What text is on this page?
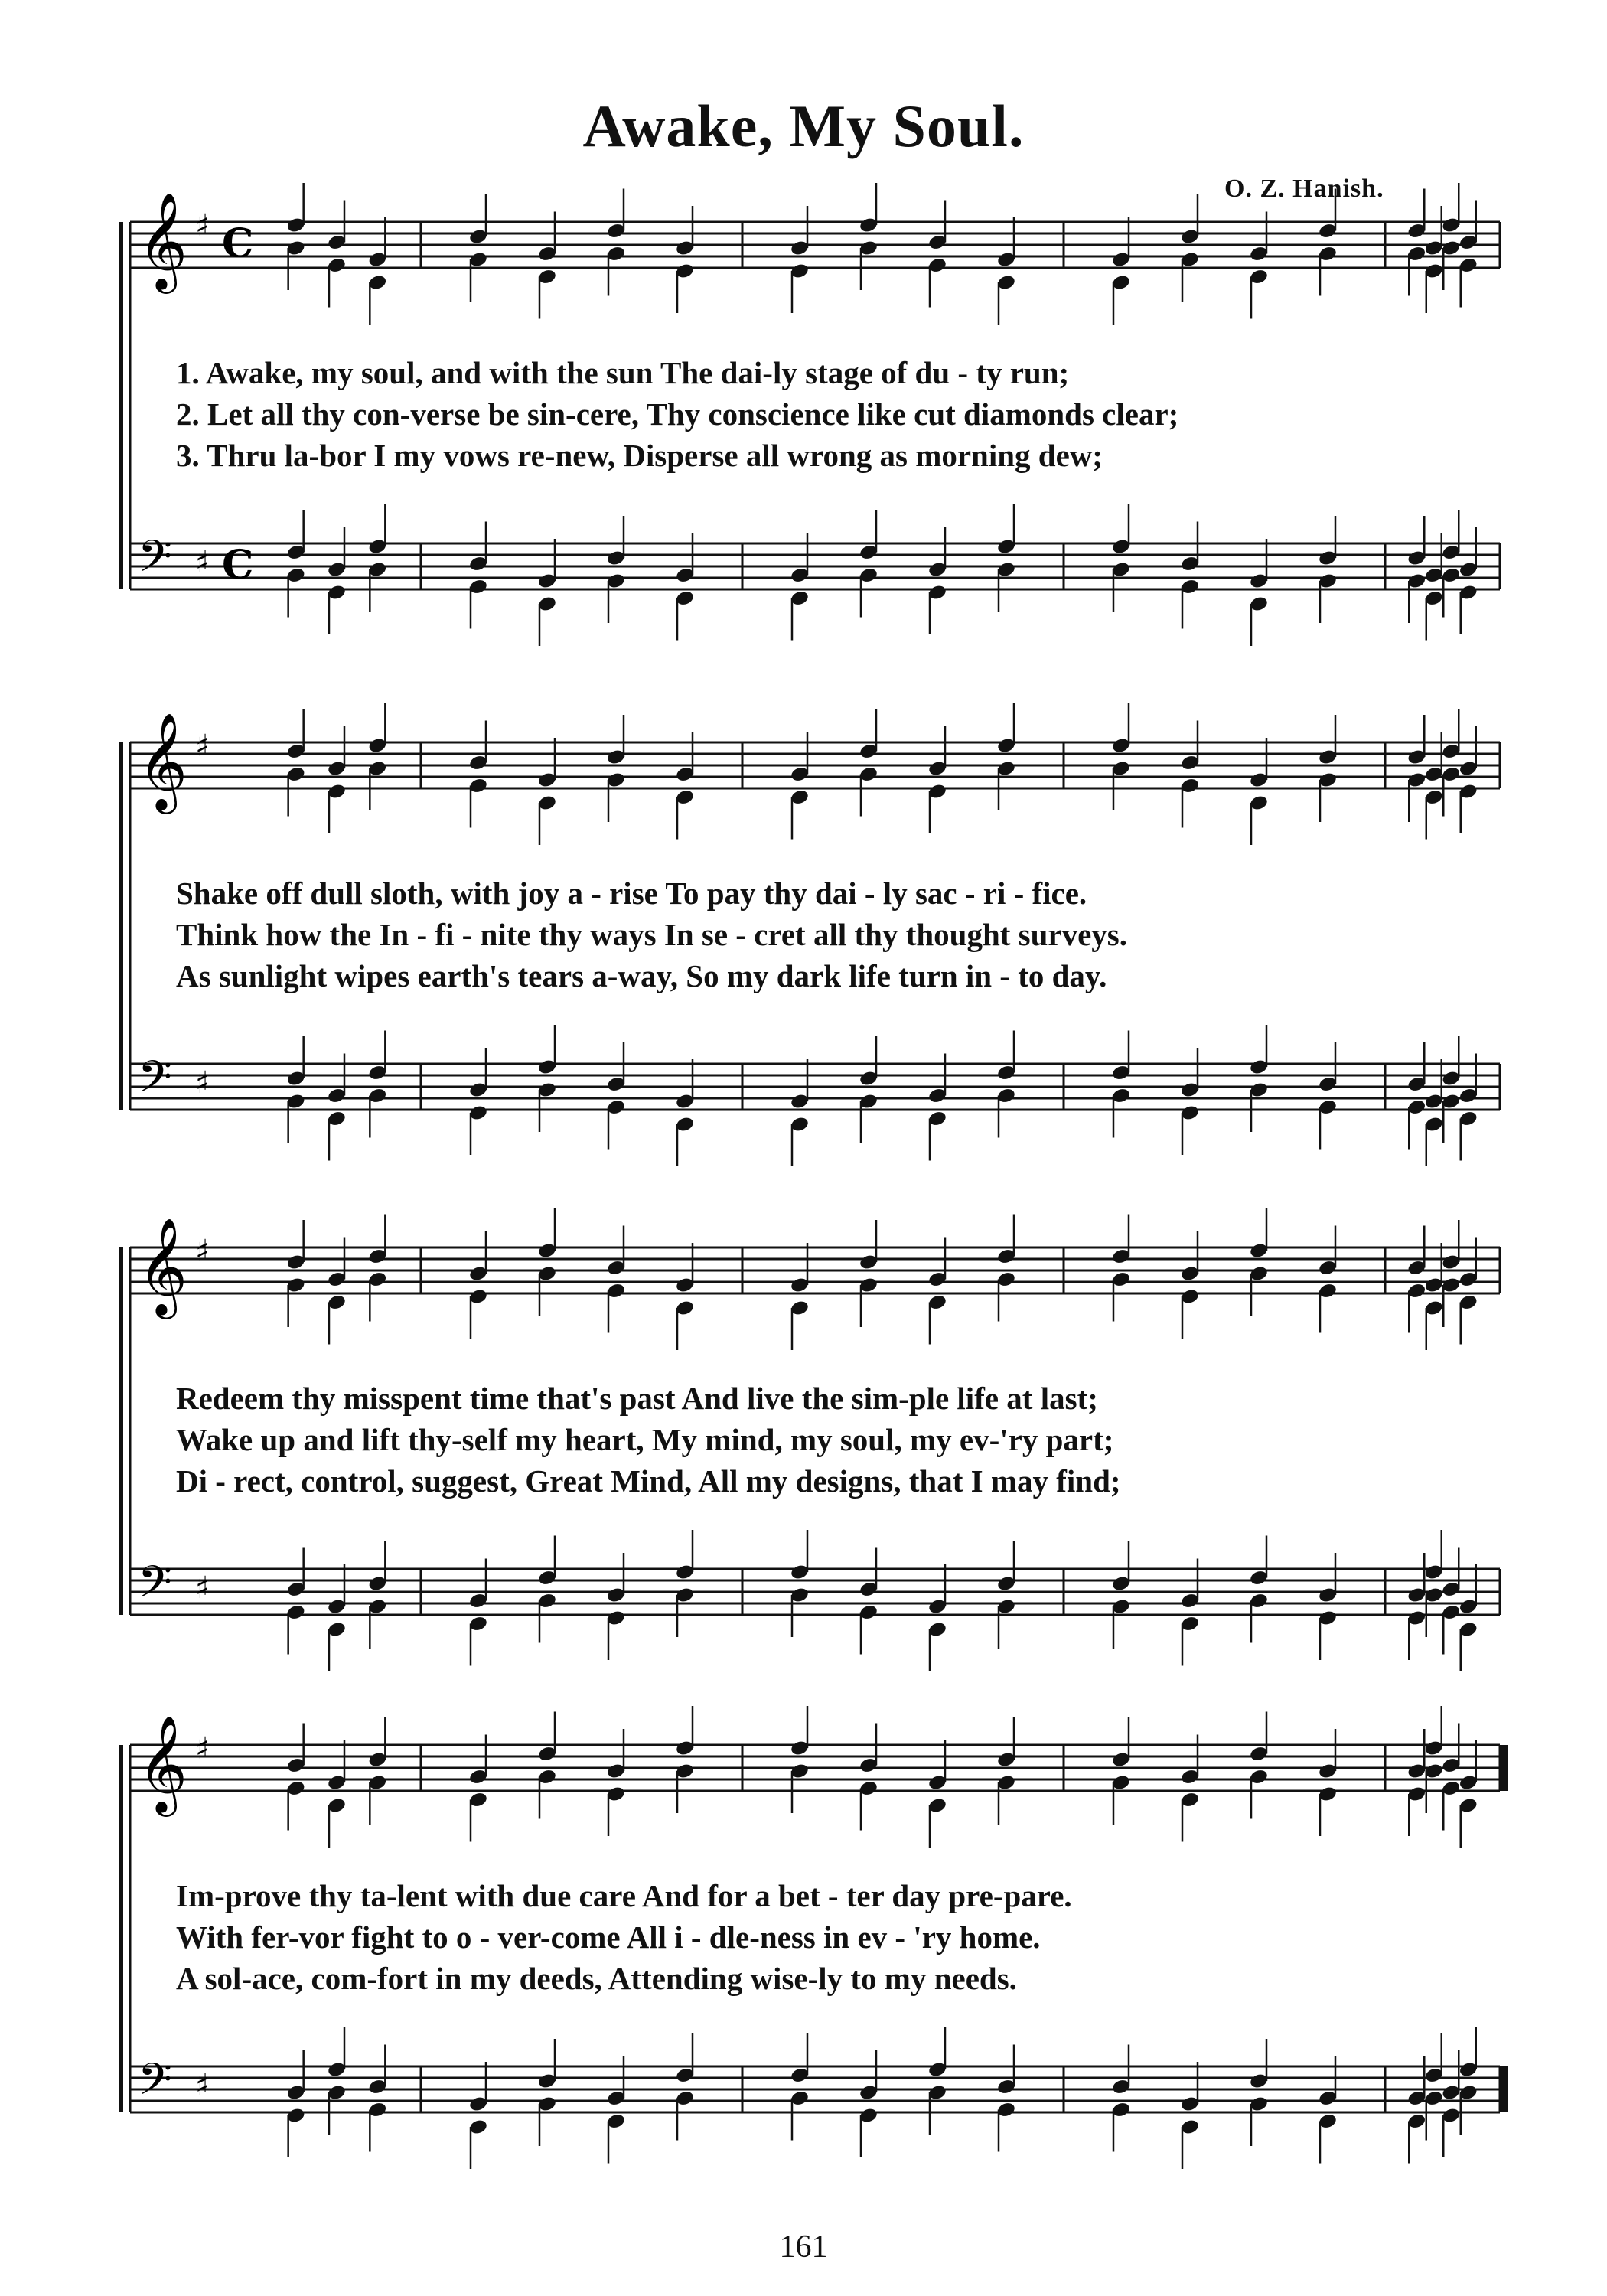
Awake, My Soul.
O. Z. Hanish.
𝄞 ♯ C
𝄢 ♯ C
1. Awake, my soul, and with the sun The dai-ly stage of du - ty run;
2. Let all thy con-verse be sin-cere, Thy conscience like cut diamonds clear;
3. Thru la-bor I my vows re-new, Disperse all wrong as morning dew;
𝄞 ♯
𝄢 ♯
Shake off dull sloth, with joy a - rise To pay thy dai - ly sac - ri - fice.
Think how the In - fi - nite thy ways In se - cret all thy thought surveys.
As sunlight wipes earth's tears a-way, So my dark life turn in - to day.
𝄞 ♯
𝄢 ♯
Redeem thy misspent time that's past And live the sim-ple life at last;
Wake up and lift thy-self my heart, My mind, my soul, my ev-'ry part;
Di - rect, control, suggest, Great Mind, All my designs, that I may find;
𝄞 ♯
𝄢 ♯
Im-prove thy ta-lent with due care And for a bet - ter day pre-pare.
With fer-vor fight to o - ver-come All i - dle-ness in ev - 'ry home.
A sol-ace, com-fort in my deeds, Attending wise-ly to my needs.
161
